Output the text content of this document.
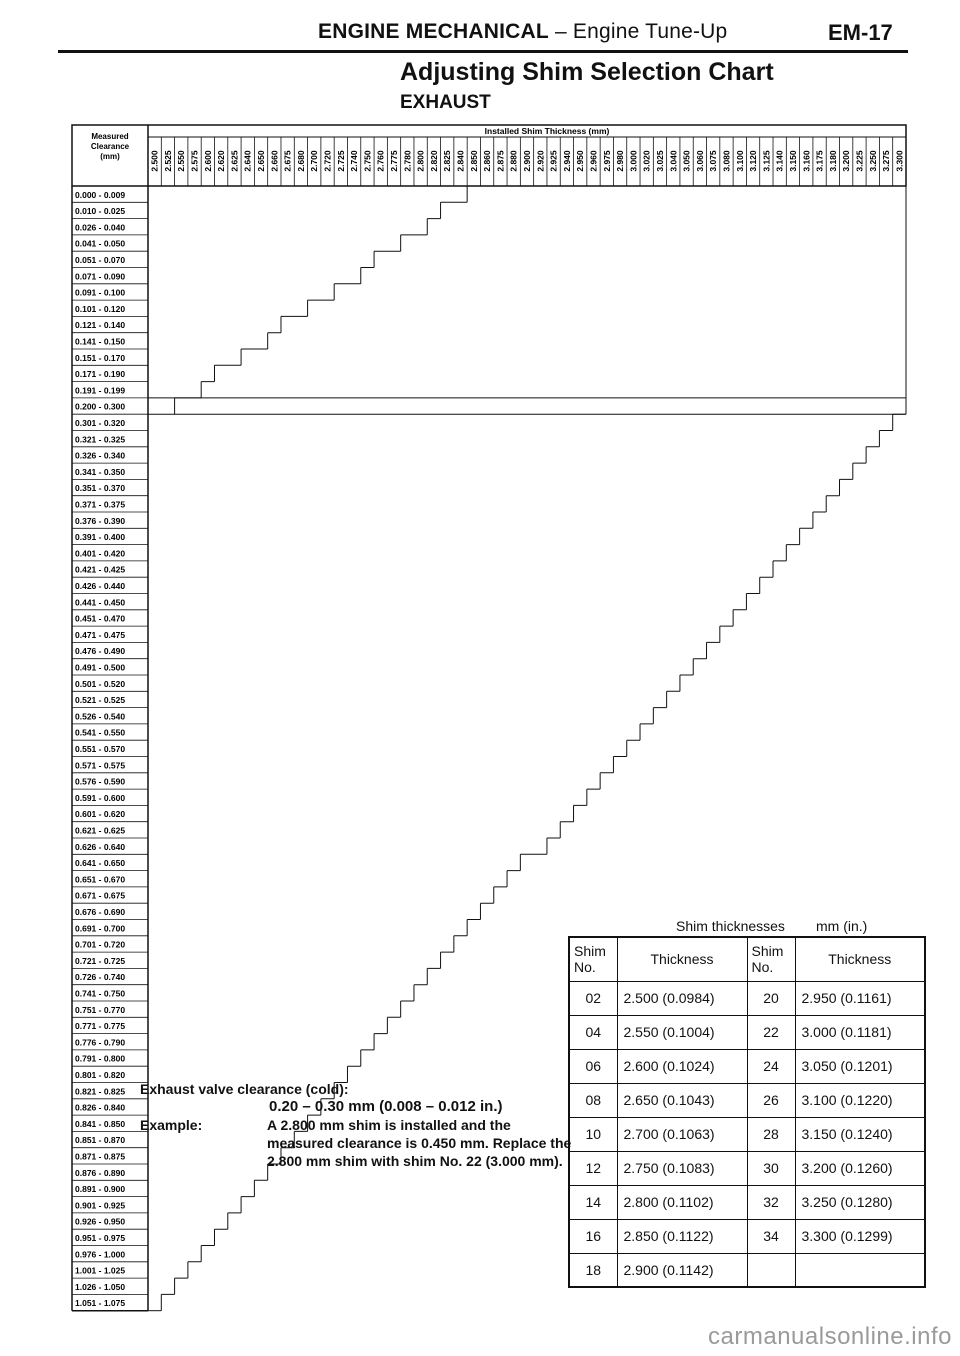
ENGINE MECHANICAL – Engine Tune-Up	EM-17
Adjusting Shim Selection Chart
EXHAUST
Measured
Clearance
(mm)
Installed Shim Thickness (mm)
2.500 2.525 2.550 2.575 2.600 2.620 2.625 2.640 2.650 2.660 2.675 2.680 2.700 2.720 2.725 2.740 2.750 2.760 2.775 2.780 2.800 2.820 2.825 2.840 2.850 2.860 2.875 2.880 2.900 2.920 2.925 2.940 2.950 2.960 2.975 2.980 3.000 3.020 3.025 3.040 3.050 3.060 3.075 3.080 3.100 3.120 3.125 3.140 3.150 3.160 3.175 3.180 3.200 3.225 3.250 3.275 3.300
0.000 - 0.009
0.010 - 0.025
0.026 - 0.040
0.041 - 0.050
0.051 - 0.070
0.071 - 0.090
0.091 - 0.100
0.101 - 0.120
0.121 - 0.140
0.141 - 0.150
0.151 - 0.170
0.171 - 0.190
0.191 - 0.199
0.200 - 0.300
0.301 - 0.320
0.321 - 0.325
0.326 - 0.340
0.341 - 0.350
0.351 - 0.370
0.371 - 0.375
0.376 - 0.390
0.391 - 0.400
0.401 - 0.420
0.421 - 0.425
0.426 - 0.440
0.441 - 0.450
0.451 - 0.470
0.471 - 0.475
0.476 - 0.490
0.491 - 0.500
0.501 - 0.520
0.521 - 0.525
0.526 - 0.540
0.541 - 0.550
0.551 - 0.570
0.571 - 0.575
0.576 - 0.590
0.591 - 0.600
0.601 - 0.620
0.621 - 0.625
0.626 - 0.640
0.641 - 0.650
0.651 - 0.670
0.671 - 0.675
0.676 - 0.690
0.691 - 0.700
0.701 - 0.720
0.721 - 0.725
0.726 - 0.740
0.741 - 0.750
0.751 - 0.770
0.771 - 0.775
0.776 - 0.790
0.791 - 0.800
0.801 - 0.820
0.821 - 0.825
0.826 - 0.840
0.841 - 0.850
0.851 - 0.870
0.871 - 0.875
0.876 - 0.890
0.891 - 0.900
0.901 - 0.925
0.926 - 0.950
0.951 - 0.975
0.976 - 1.000
1.001 - 1.025
1.026 - 1.050
1.051 - 1.075
Shim thicknesses mm (in.)
Shim No.	Thickness	Shim No.	Thickness
02	2.500 (0.0984)	20	2.950 (0.1161)
04	2.550 (0.1004)	22	3.000 (0.1181)
06	2.600 (0.1024)	24	3.050 (0.1201)
08	2.650 (0.1043)	26	3.100 (0.1220)
10	2.700 (0.1063)	28	3.150 (0.1240)
12	2.750 (0.1083)	30	3.200 (0.1260)
14	2.800 (0.1102)	32	3.250 (0.1280)
16	2.850 (0.1122)	34	3.300 (0.1299)
18	2.900 (0.1142)		
Exhaust valve clearance (cold):
0.20 – 0.30 mm (0.008 – 0.012 in.)
Example:	A 2.800 mm shim is installed and the measured clearance is 0.450 mm. Replace the 2.800 mm shim with shim No. 22 (3.000 mm).
carmanualsonline.info
